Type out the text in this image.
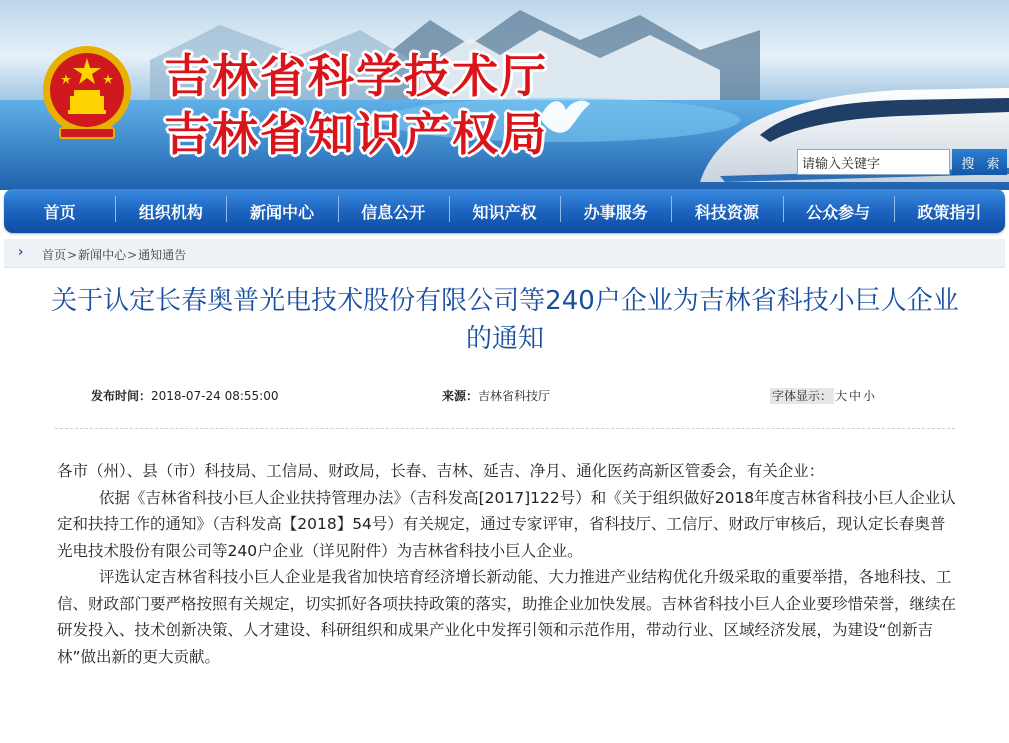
吉林省科学技术厅
吉林省知识产权局
请输入关键字
搜 索
首页	组织机构	新闻中心	信息公开	知识产权	办事服务	科技资源	公众参与	政策指引
› 首页>新闻中心>通知通告
关于认定长春奥普光电技术股份有限公司等240户企业为吉林省科技小巨人企业的通知
发布时间：2018-07-24 08:55:00	来源：吉林省科技厅	字体显示： 大 中 小

各市（州）、县（市）科技局、工信局、财政局，长春、吉林、延吉、净月、通化医药高新区管委会，有关企业：

依据《吉林省科技小巨人企业扶持管理办法》（吉科发高[2017]122号）和《关于组织做好2018年度吉林省科技小巨人企业认定和扶持工作的通知》（吉科发高【2018】54号）有关规定，通过专家评审，省科技厅、工信厅、财政厅审核后，现认定长春奥普光电技术股份有限公司等240户企业（详见附件）为吉林省科技小巨人企业。

评选认定吉林省科技小巨人企业是我省加快培育经济增长新动能、大力推进产业结构优化升级采取的重要举措，各地科技、工信、财政部门要严格按照有关规定，切实抓好各项扶持政策的落实，助推企业加快发展。吉林省科技小巨人企业要珍惜荣誉，继续在研发投入、技术创新决策、人才建设、科研组织和成果产业化中发挥引领和示范作用，带动行业、区域经济发展，为建设“创新吉林”做出新的更大贡献。
